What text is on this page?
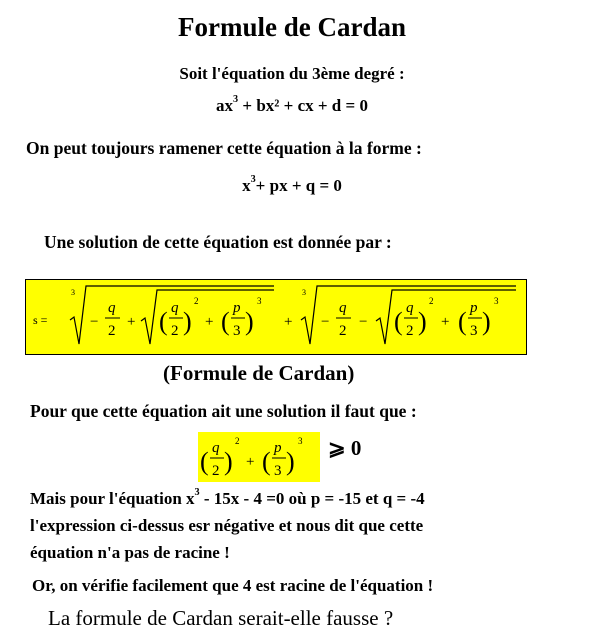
Formule de Cardan
Soit l'équation du 3ème degré :
$ax^3 + bx^2$ + cx + d = 0
On peut toujours ramener cette équation à la forme :
$x^3+$ px + q = 0
Une solution de cette équation est donnée par :
s =
3
−
q
2
+ ( q
2 )
2
+ ( p
3 )
3
+
3
−
q
2
− ( q
2 )
2
+ ( p
3 )
3
(Formule de Cardan)
Pour que cette équation ait une solution il faut que :
( q
2 )
2
+ ( p
3 )
3 ⩾ 0
Mais pour l'équation $x^3 - 15x - 4 =0$ où p = -15 et q = -4
l'expression ci-dessus esr négative et nous dit que cette
équation n'a pas de racine !
Or, on vérifie facilement que 4 est racine de l'équation !
La formule de Cardan serait-elle fausse ?
